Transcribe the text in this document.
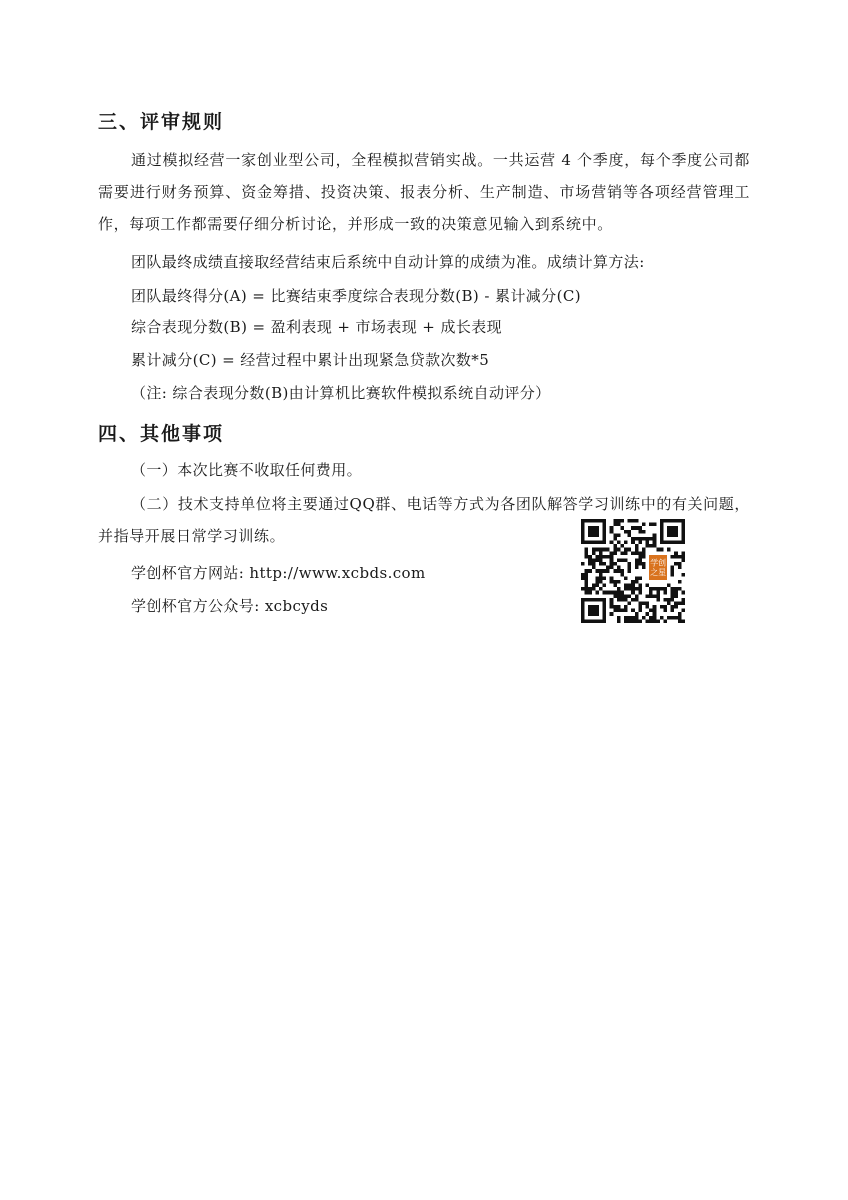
三、评审规则

通过模拟经营一家创业型公司，全程模拟营销实战。一共运营 4 个季度，每个季度公司都需要进行财务预算、资金筹措、投资决策、报表分析、生产制造、市场营销等各项经营管理工作，每项工作都需要仔细分析讨论，并形成一致的决策意见输入到系统中。

团队最终成绩直接取经营结束后系统中自动计算的成绩为准。成绩计算方法:
团队最终得分(A) = 比赛结束季度综合表现分数(B) - 累计减分(C)
综合表现分数(B) = 盈利表现 + 市场表现 + 成长表现
累计减分(C) = 经营过程中累计出现紧急贷款次数*5
（注: 综合表现分数(B)由计算机比赛软件模拟系统自动评分）
四、其他事项
（一）本次比赛不收取任何费用。

（二）技术支持单位将主要通过QQ群、电话等方式为各团队解答学习训练中的有关问题，并指导开展日常学习训练。

学创杯官方网站: http://www.xcbds.com
学创杯官方公众号: xcbcyds
学创
之星
